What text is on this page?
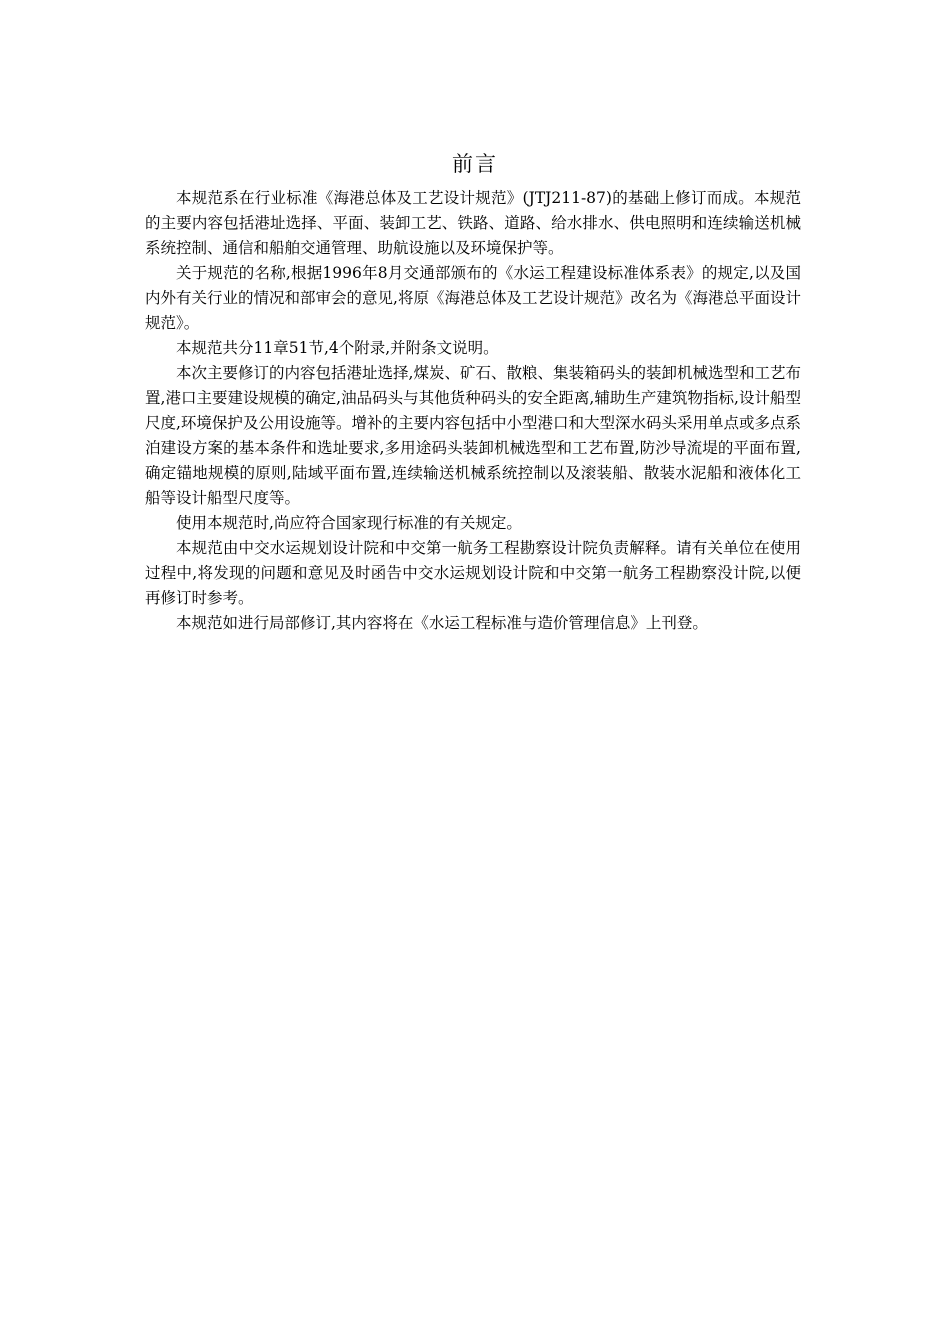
前言

本规范系在行业标准《海港总体及工艺设计规范》(JTJ211-87)的基础上修订而成。本规范的主要内容包括港址选择、平面、装卸工艺、铁路、道路、给水排水、供电照明和连续输送机械系统控制、通信和船舶交通管理、助航设施以及环境保护等。

关于规范的名称,根据1996年8月交通部颁布的《水运工程建设标准体系表》的规定,以及国内外有关行业的情况和部审会的意见,将原《海港总体及工艺设计规范》改名为《海港总平面设计规范》。

本规范共分11章51节,4个附录,并附条文说明。

本次主要修订的内容包括港址选择,煤炭、矿石、散粮、集装箱码头的装卸机械选型和工艺布置,港口主要建设规模的确定,油品码头与其他货种码头的安全距离,辅助生产建筑物指标,设计船型尺度,环境保护及公用设施等。增补的主要内容包括中小型港口和大型深水码头采用单点或多点系泊建设方案的基本条件和选址要求,多用途码头装卸机械选型和工艺布置,防沙导流堤的平面布置,确定锚地规模的原则,陆域平面布置,连续输送机械系统控制以及滚装船、散装水泥船和液体化工船等设计船型尺度等。

使用本规范时,尚应符合国家现行标准的有关规定。

本规范由中交水运规划设计院和中交第一航务工程勘察设计院负责解释。请有关单位在使用过程中,将发现的问题和意见及时函告中交水运规划设计院和中交第一航务工程勘察没计院,以便再修订时参考。

本规范如进行局部修订,其内容将在《水运工程标准与造价管理信息》上刊登。
